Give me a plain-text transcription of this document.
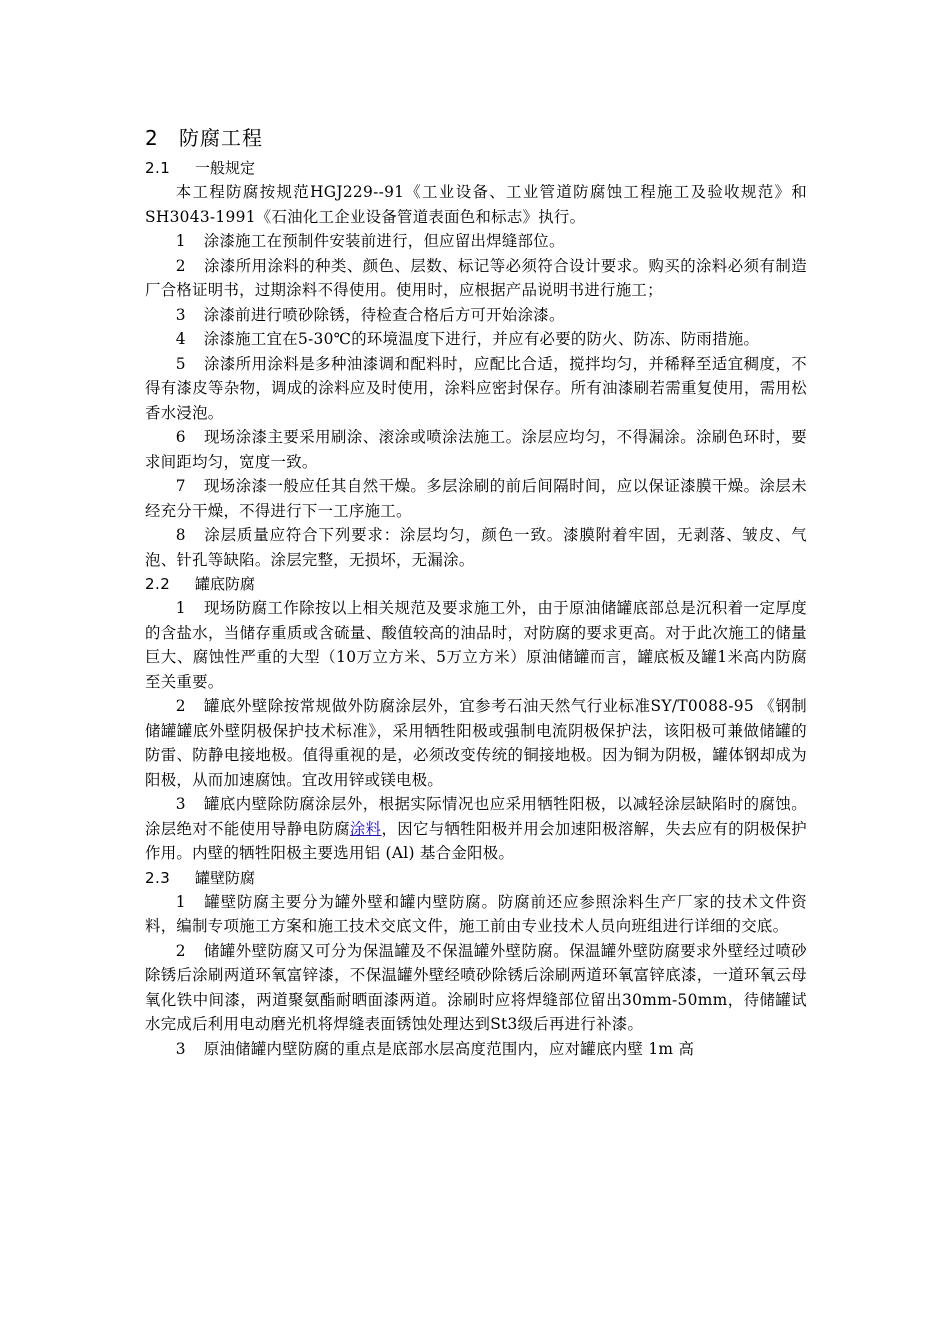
2 防腐工程
2.1 一般规定

本工程防腐按规范HGJ229--91《工业设备、工业管道防腐蚀工程施工及验收规范》和SH3043-1991《石油化工企业设备管道表面色和标志》执行。

1 涂漆施工在预制件安装前进行，但应留出焊缝部位。

2 涂漆所用涂料的种类、颜色、层数、标记等必须符合设计要求。购买的涂料必须有制造厂合格证明书，过期涂料不得使用。使用时，应根据产品说明书进行施工；

3 涂漆前进行喷砂除锈，待检查合格后方可开始涂漆。

4 涂漆施工宜在5-30℃的环境温度下进行，并应有必要的防火、防冻、防雨措施。

5 涂漆所用涂料是多种油漆调和配料时，应配比合适，搅拌均匀，并稀释至适宜稠度，不得有漆皮等杂物，调成的涂料应及时使用，涂料应密封保存。所有油漆刷若需重复使用，需用松香水浸泡。

6 现场涂漆主要采用刷涂、滚涂或喷涂法施工。涂层应均匀，不得漏涂。涂刷色环时，要求间距均匀，宽度一致。

7 现场涂漆一般应任其自然干燥。多层涂刷的前后间隔时间，应以保证漆膜干燥。涂层未经充分干燥，不得进行下一工序施工。

8 涂层质量应符合下列要求：涂层均匀，颜色一致。漆膜附着牢固，无剥落、皱皮、气泡、针孔等缺陷。涂层完整，无损坏，无漏涂。

2.2 罐底防腐

1 现场防腐工作除按以上相关规范及要求施工外，由于原油储罐底部总是沉积着一定厚度的含盐水，当储存重质或含硫量、酸值较高的油品时，对防腐的要求更高。对于此次施工的储量巨大、腐蚀性严重的大型（10万立方米、5万立方米）原油储罐而言，罐底板及罐1米高内防腐至关重要。

2 罐底外壁除按常规做外防腐涂层外，宜参考石油天然气行业标准SY/T0088-95 《钢制储罐罐底外壁阴极保护技术标准》，采用牺牲阳极或强制电流阴极保护法，该阳极可兼做储罐的防雷、防静电接地极。值得重视的是，必须改变传统的铜接地极。因为铜为阴极，罐体钢却成为阳极，从而加速腐蚀。宜改用锌或镁电极。

3 罐底内壁除防腐涂层外，根据实际情况也应采用牺牲阳极，以减轻涂层缺陷时的腐蚀。涂层绝对不能使用导静电防腐涂料，因它与牺牲阳极并用会加速阳极溶解，失去应有的阴极保护作用。内壁的牺牲阳极主要选用铝 (Al) 基合金阳极。

2.3 罐壁防腐

1 罐壁防腐主要分为罐外壁和罐内壁防腐。防腐前还应参照涂料生产厂家的技术文件资料，编制专项施工方案和施工技术交底文件，施工前由专业技术人员向班组进行详细的交底。

2 储罐外壁防腐又可分为保温罐及不保温罐外壁防腐。保温罐外壁防腐要求外壁经过喷砂除锈后涂刷两道环氧富锌漆，不保温罐外壁经喷砂除锈后涂刷两道环氧富锌底漆，一道环氧云母氧化铁中间漆，两道聚氨酯耐晒面漆两道。涂刷时应将焊缝部位留出30mm-50mm，待储罐试水完成后利用电动磨光机将焊缝表面锈蚀处理达到St3级后再进行补漆。

3 原油储罐内壁防腐的重点是底部水层高度范围内，应对罐底内壁 1m 高
